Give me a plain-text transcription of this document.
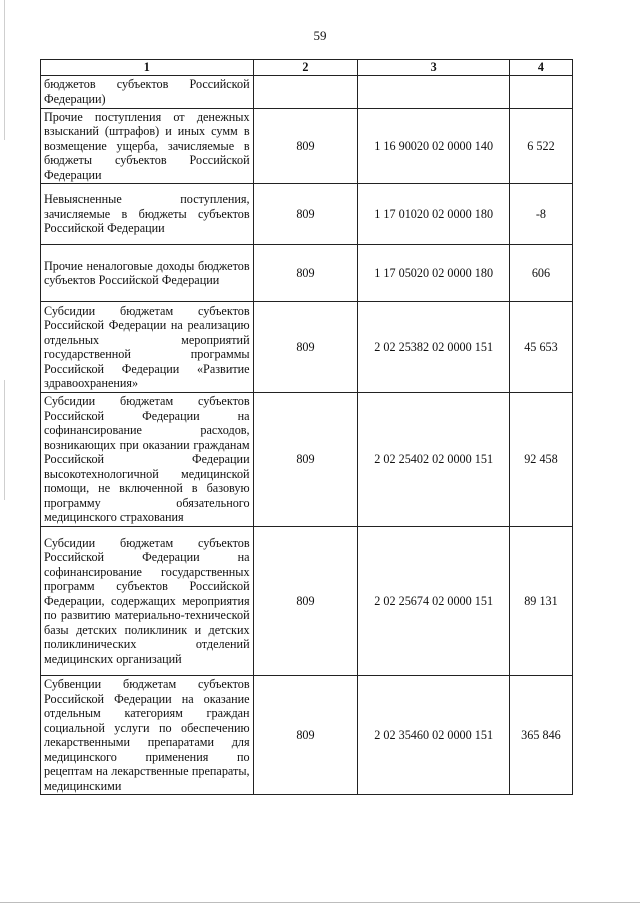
59
1	2	3	4
бюджетов субъектов Российской Федерации)			
Прочие поступления от денежных взысканий (штрафов) и иных сумм в возмещение ущерба, зачисляемые в бюджеты субъектов Российской Федерации	809	1 16 90020 02 0000 140	6 522
Невыясненные поступления, зачисляемые в бюджеты субъектов Российской Федерации	809	1 17 01020 02 0000 180	-8
Прочие неналоговые доходы бюджетов субъектов Российской Федерации	809	1 17 05020 02 0000 180	606
Субсидии бюджетам субъектов Российской Федерации на реализацию отдельных мероприятий государственной программы Российской Федерации «Развитие здравоохранения»	809	2 02 25382 02 0000 151	45 653
Субсидии бюджетам субъектов Российской Федерации на софинансирование расходов, возникающих при оказании гражданам Российской Федерации высокотехнологичной медицинской помощи, не включенной в базовую программу обязательного медицинского страхования	809	2 02 25402 02 0000 151	92 458
Субсидии бюджетам субъектов Российской Федерации на софинансирование государственных программ субъектов Российской Федерации, содержащих мероприятия по развитию материально-технической базы детских поликлиник и детских поликлинических отделений медицинских организаций	809	2 02 25674 02 0000 151	89 131
Субвенции бюджетам субъектов Российской Федерации на оказание отдельным категориям граждан социальной услуги по обеспечению лекарственными препаратами для медицинского применения по рецептам на лекарственные препараты, медицинскими	809	2 02 35460 02 0000 151	365 846
